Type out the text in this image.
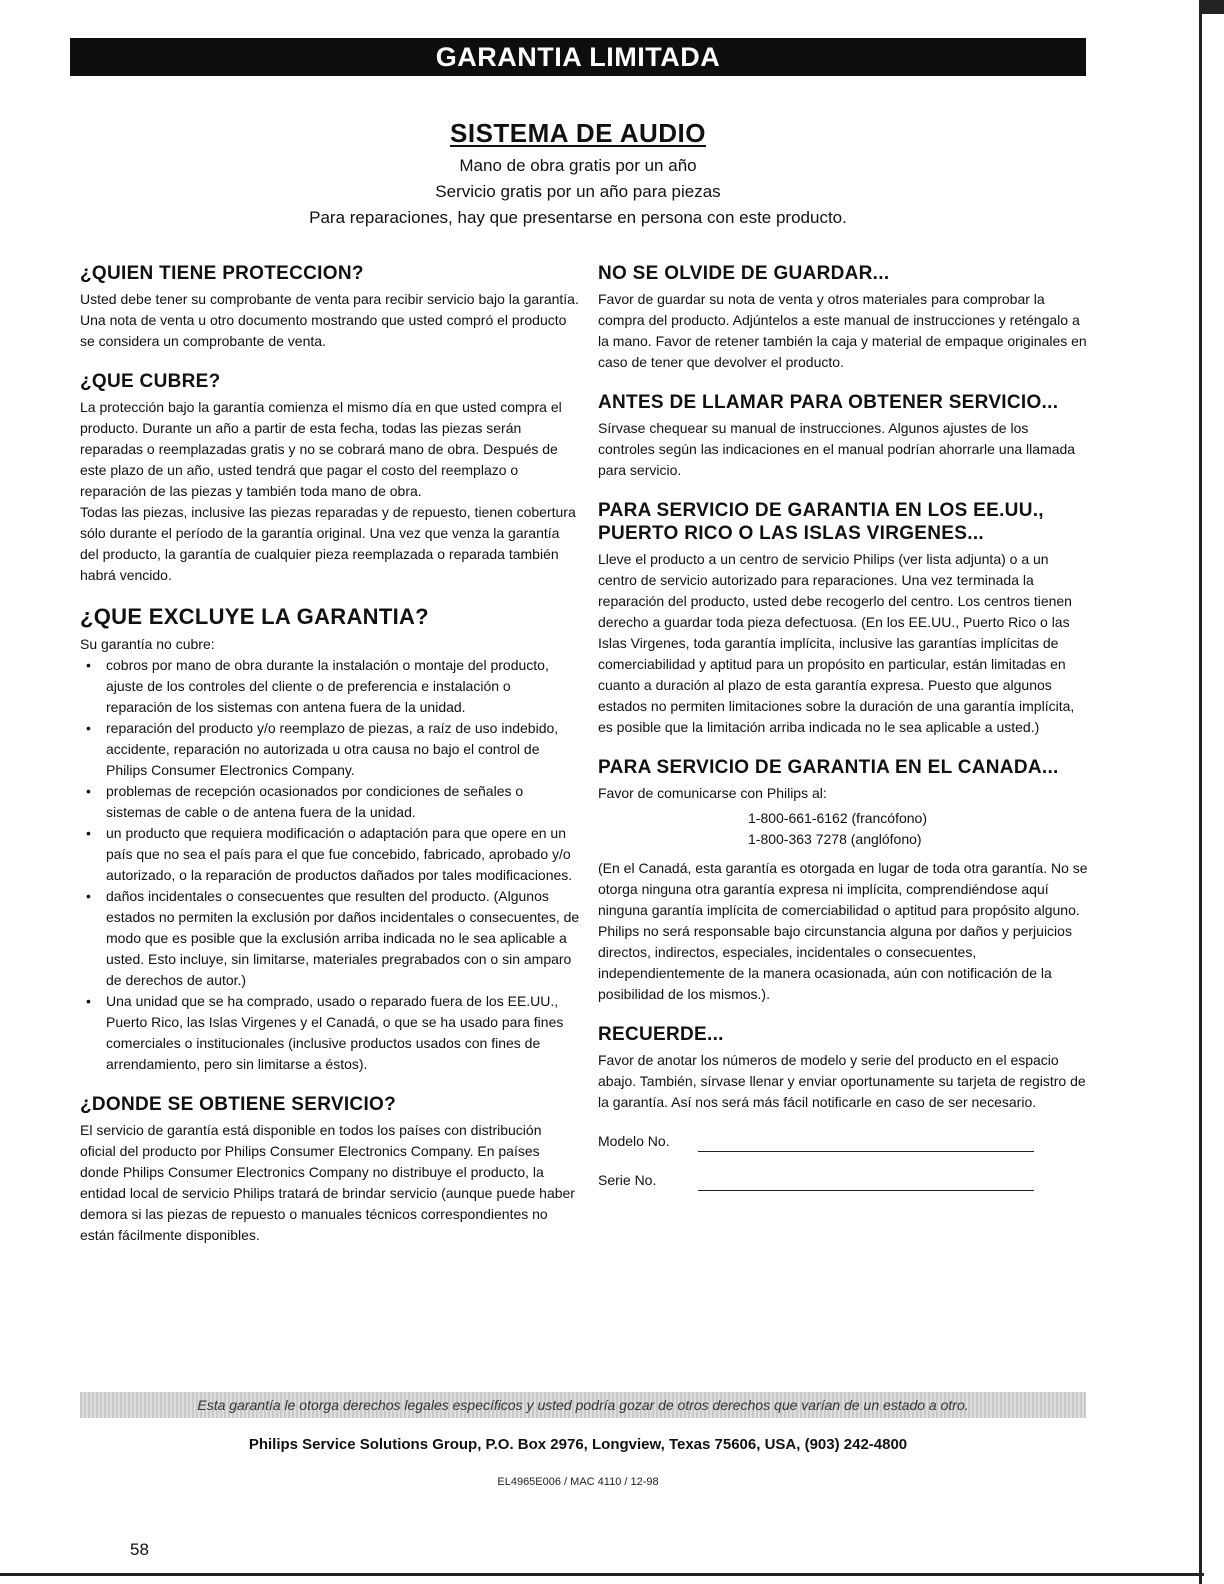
GARANTIA LIMITADA
SISTEMA DE AUDIO

Mano de obra gratis por un año

Servicio gratis por un año para piezas

Para reparaciones, hay que presentarse en persona con este producto.

¿QUIEN TIENE PROTECCION?

Usted debe tener su comprobante de venta para recibir servicio bajo la garantía. Una nota de venta u otro documento mostrando que usted compró el producto se considera un comprobante de venta.

¿QUE CUBRE?

La protección bajo la garantía comienza el mismo día en que usted compra el producto. Durante un año a partir de esta fecha, todas las piezas serán reparadas o reemplazadas gratis y no se cobrará mano de obra. Después de este plazo de un año, usted tendrá que pagar el costo del reemplazo o reparación de las piezas y también toda mano de obra.

Todas las piezas, inclusive las piezas reparadas y de repuesto, tienen cobertura sólo durante el período de la garantía original. Una vez que venza la garantía del producto, la garantía de cualquier pieza reemplazada o reparada también habrá vencido.

¿QUE EXCLUYE LA GARANTIA?

Su garantía no cubre:

• cobros por mano de obra durante la instalación o montaje del producto, ajuste de los controles del cliente o de preferencia e instalación o reparación de los sistemas con antena fuera de la unidad.
• reparación del producto y/o reemplazo de piezas, a raíz de uso indebido, accidente, reparación no autorizada u otra causa no bajo el control de Philips Consumer Electronics Company.
• problemas de recepción ocasionados por condiciones de señales o sistemas de cable o de antena fuera de la unidad.
• un producto que requiera modificación o adaptación para que opere en un país que no sea el país para el que fue concebido, fabricado, aprobado y/o autorizado, o la reparación de productos dañados por tales modificaciones.
• daños incidentales o consecuentes que resulten del producto. (Algunos estados no permiten la exclusión por daños incidentales o consecuentes, de modo que es posible que la exclusión arriba indicada no le sea aplicable a usted. Esto incluye, sin limitarse, materiales pregrabados con o sin amparo de derechos de autor.)
• Una unidad que se ha comprado, usado o reparado fuera de los EE.UU., Puerto Rico, las Islas Virgenes y el Canadá, o que se ha usado para fines comerciales o institucionales (inclusive productos usados con fines de arrendamiento, pero sin limitarse a éstos).
¿DONDE SE OBTIENE SERVICIO?

El servicio de garantía está disponible en todos los países con distribución oficial del producto por Philips Consumer Electronics Company. En países donde Philips Consumer Electronics Company no distribuye el producto, la entidad local de servicio Philips tratará de brindar servicio (aunque puede haber demora si las piezas de repuesto o manuales técnicos correspondientes no están fácilmente disponibles.

NO SE OLVIDE DE GUARDAR...

Favor de guardar su nota de venta y otros materiales para comprobar la compra del producto. Adjúntelos a este manual de instrucciones y reténgalo a la mano. Favor de retener también la caja y material de empaque originales en caso de tener que devolver el producto.

ANTES DE LLAMAR PARA OBTENER SERVICIO...

Sírvase chequear su manual de instrucciones. Algunos ajustes de los controles según las indicaciones en el manual podrían ahorrarle una llamada para servicio.

PARA SERVICIO DE GARANTIA EN LOS EE.UU., PUERTO RICO O LAS ISLAS VIRGENES...

Lleve el producto a un centro de servicio Philips (ver lista adjunta) o a un centro de servicio autorizado para reparaciones. Una vez terminada la reparación del producto, usted debe recogerlo del centro. Los centros tienen derecho a guardar toda pieza defectuosa. (En los EE.UU., Puerto Rico o las Islas Virgenes, toda garantía implícita, inclusive las garantías implícitas de comerciabilidad y aptitud para un propósito en particular, están limitadas en cuanto a duración al plazo de esta garantía expresa. Puesto que algunos estados no permiten limitaciones sobre la duración de una garantía implícita, es posible que la limitación arriba indicada no le sea aplicable a usted.)

PARA SERVICIO DE GARANTIA EN EL CANADA...

Favor de comunicarse con Philips al:

1-800-661-6162 (francófono)

1-800-363 7278 (anglófono)

(En el Canadá, esta garantía es otorgada en lugar de toda otra garantía. No se otorga ninguna otra garantía expresa ni implícita, comprendiéndose aquí ninguna garantía implícita de comerciabilidad o aptitud para propósito alguno. Philips no será responsable bajo circunstancia alguna por daños y perjuicios directos, indirectos, especiales, incidentales o consecuentes, independientemente de la manera ocasionada, aún con notificación de la posibilidad de los mismos.).

RECUERDE...

Favor de anotar los números de modelo y serie del producto en el espacio abajo. También, sírvase llenar y enviar oportunamente su tarjeta de registro de la garantía. Así nos será más fácil notificarle en caso de ser necesario.

Modelo No.
Serie No.
Esta garantía le otorga derechos legales específicos y usted podría gozar de otros derechos que varían de un estado a otro.
Philips Service Solutions Group, P.O. Box 2976, Longview, Texas 75606, USA, (903) 242-4800
EL4965E006 / MAC 4110 / 12-98
58
